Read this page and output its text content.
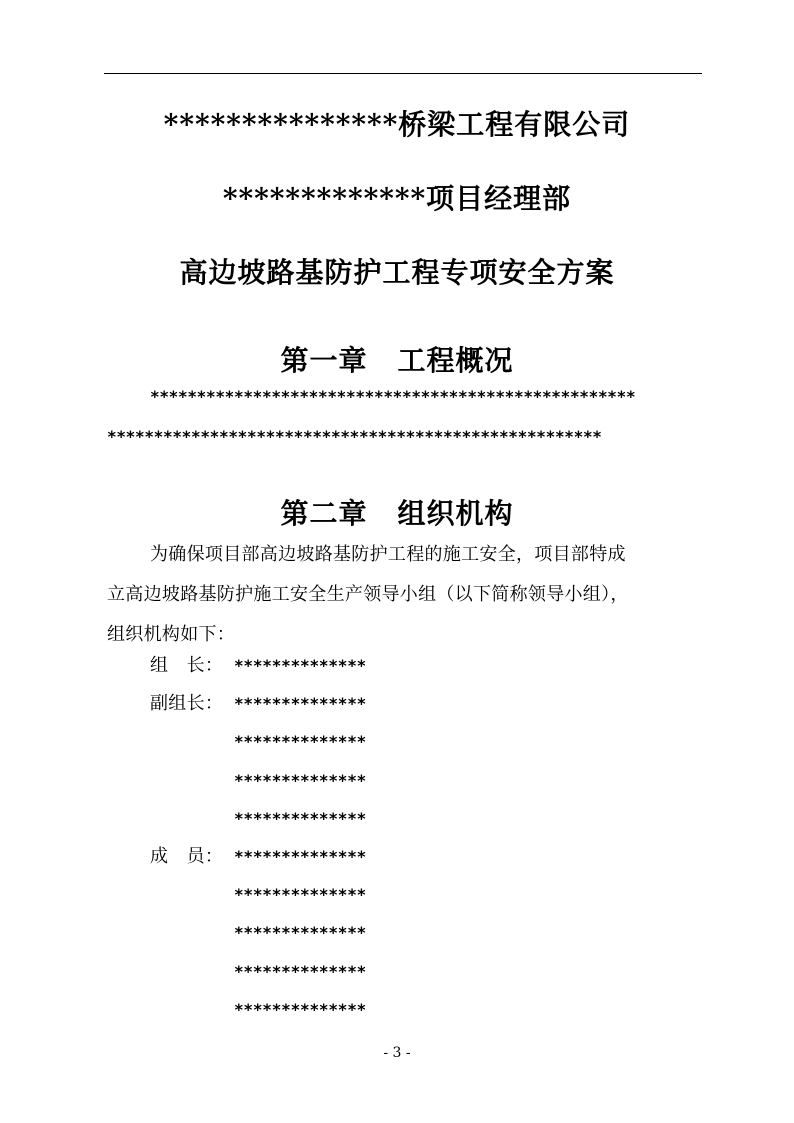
***************桥梁工程有限公司
*************项目经理部
高边坡路基防护工程专项安全方案
第一章 工程概况
****************************************************
*****************************************************
第二章 组织机构
为确保项目部高边坡路基防护工程的施工安全，项目部特成
立高边坡路基防护施工安全生产领导小组（以下简称领导小组），
组织机构如下：
组　长： **************
副组长： **************
**************
**************
**************
成　员： **************
**************
**************
**************
**************
- 3 -
